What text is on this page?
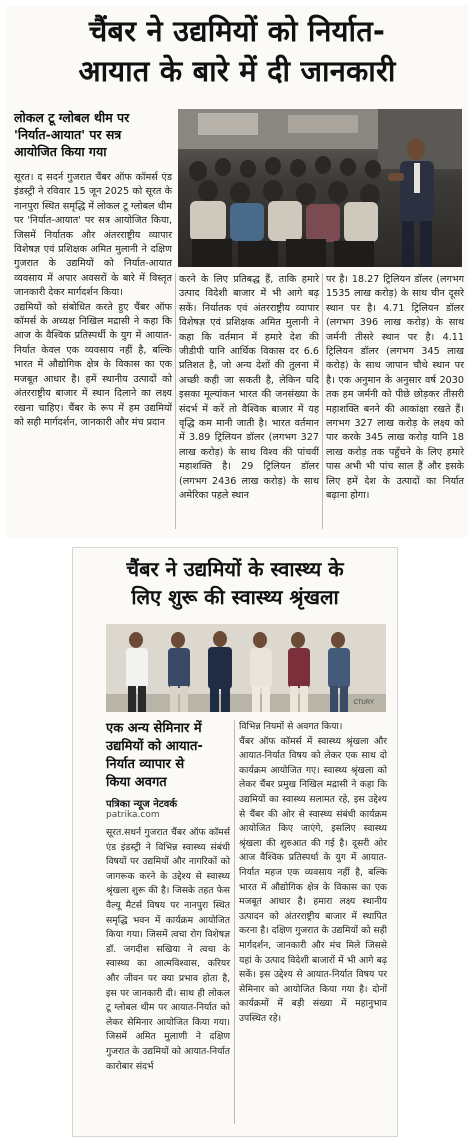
चैंबर ने उद्यमियों को निर्यात-
आयात के बारे में दी जानकारी
लोकल टू ग्लोबल थीम पर
'निर्यात-आयात' पर सत्र
आयोजित किया गया
सूरत। द सदर्न गुजरात चैंबर ऑफ कॉमर्स एंड इंडस्ट्री ने रविवार 15 जून 2025 को सूरत के नानपुरा स्थित समृद्धि में लोकल टू ग्लोबल थीम पर 'निर्यात-आयात' पर सत्र आयोजित किया, जिसमें निर्यातक और अंतरराष्ट्रीय व्यापार विशेषज्ञ एवं प्रशिक्षक अमित मुलानी ने दक्षिण गुजरात के उद्यमियों को निर्यात-आयात व्यवसाय में अपार अवसरों के बारे में विस्तृत जानकारी देकर मार्गदर्शन किया।
उद्यमियों को संबोधित करते हुए चैंबर ऑफ कॉमर्स के अध्यक्ष निखिल मद्रासी ने कहा कि आज के वैश्विक प्रतिस्पर्धी के युग में आयात-निर्यात केवल एक व्यवसाय नहीं है, बल्कि भारत में औद्योगिक क्षेत्र के विकास का एक मजबूत आधार है। हमें स्थानीय उत्पादों को अंतरराष्ट्रीय बाजार में स्थान दिलाने का लक्ष्य रखना चाहिए। चैंबर के रूप में हम उद्यमियों को सही मार्गदर्शन, जानकारी और मंच प्रदान
करने के लिए प्रतिबद्ध हैं, ताकि हमारे उत्पाद विदेशी बाजार में भी आगे बढ़ सकें। निर्यातक एवं अंतरराष्ट्रीय व्यापार विशेषज्ञ एवं प्रशिक्षक अमित मुलानी ने कहा कि वर्तमान में हमारे देश की जीडीपी यानि आर्थिक विकास दर 6.6 प्रतिशत है, जो अन्य देशों की तुलना में अच्छी कही जा सकती है, लेकिन यदि इसका मूल्यांकन भारत की जनसंख्या के संदर्भ में करें तो वैश्विक बाजार में यह वृद्धि कम मानी जाती है। भारत वर्तमान में 3.89 ट्रिलियन डॉलर (लगभग 327 लाख करोड़) के साथ विश्व की पांचवीं महाशक्ति है। 29 ट्रिलियन डॉलर (लगभग 2436 लाख करोड़) के साथ अमेरिका पहले स्थान
पर है। 18.27 ट्रिलियन डॉलर (लगभग 1535 लाख करोड़) के साथ चीन दूसरे स्थान पर है। 4.71 ट्रिलियन डॉलर (लगभग 396 लाख करोड़) के साथ जर्मनी तीसरे स्थान पर है। 4.11 ट्रिलियन डॉलर (लगभग 345 लाख करोड़) के साथ जापान चौथे स्थान पर है। एक अनुमान के अनुसार वर्ष 2030 तक हम जर्मनी को पीछे छोड़कर तीसरी महाशक्ति बनने की आकांक्षा रखते हैं। लगभग 327 लाख करोड़ के लक्ष्य को पार करके 345 लाख करोड़ यानि 18 लाख करोड़ तक पहुँचने के लिए हमारे पास अभी भी पांच साल हैं और इसके लिए हमें देश के उत्पादों का निर्यात बढ़ाना होगा।
चैंबर ने उद्यमियों के स्वास्थ्य के
लिए शुरू की स्वास्थ्य श्रृंखला
CTURY
एक अन्य सेमिनार में
उद्यमियों को आयात-
निर्यात व्यापार से
किया अवगत
पत्रिका न्यूज नेटवर्क
patrika.com
सूरत.सधर्न गुजरात चैंबर ऑफ कॉमर्स एंड इंडस्ट्री ने विभिन्न स्वास्थ्य संबंधी विषयों पर उद्यमियों और नागरिकों को जागरूक करने के उद्देश्य से स्वास्थ्य श्रृंखला शुरू की है। जिसके तहत फेस वैल्यू मैटर्स विषय पर नानपुरा स्थित समृद्धि भवन में कार्यक्रम आयोजित किया गया। जिसमें त्वचा रोग विशेषज्ञ डॉ. जगदीश सखिया ने त्वचा के स्वास्थ्य का आत्मविश्वास, करियर और जीवन पर क्या प्रभाव होता है, इस पर जानकारी दी। साथ ही लोकल टू ग्लोबल थीम पर आयात-निर्यात को लेकर सेमिनार आयोजित किया गया। जिसमें अमित मुलाणी ने दक्षिण गुजरात के उद्यमियों को आयात-निर्यात कारोबार संदर्भ
विभिन्न नियमों से अवगत किया।
चैंबर ऑफ कॉमर्स में स्वास्थ्य श्रृंखला और आयात-निर्यात विषय को लेकर एक साथ दो कार्यक्रम आयोजित गए। स्वास्थ्य श्रृंखला को लेकर चैंबर प्रमुख निखिल मद्रासी ने कहा कि उद्यमियों का स्वास्थ्य सलामत रहे, इस उद्देश्य से चैंबर की ओर से स्वास्थ्य संबंधी कार्यक्रम आयोजित किए जाएंगे, इसलिए स्वास्थ्य श्रृंखला की शुरुआत की गई है। दूसरी ओर आज वैश्विक प्रतिस्पर्धा के युग में आयात-निर्यात महज एक व्यवसाय नहीं है, बल्कि भारत में औद्योगिक क्षेत्र के विकास का एक मजबूत आधार है। हमारा लक्ष्य स्थानीय उत्पादन को अंतरराष्ट्रीय बाजार में स्थापित करना है। दक्षिण गुजरात के उद्यमियों को सही मार्गदर्शन, जानकारी और मंच मिले जिससे यहां के उत्पाद विदेशी बाजारों में भी आगे बढ़ सकें। इस उद्देश्य से आयात-निर्यात विषय पर सेमिनार को आयोजित किया गया है। दोनों कार्यक्रमों में बड़ी संख्या में महानुभाव उपस्थित रहे।
